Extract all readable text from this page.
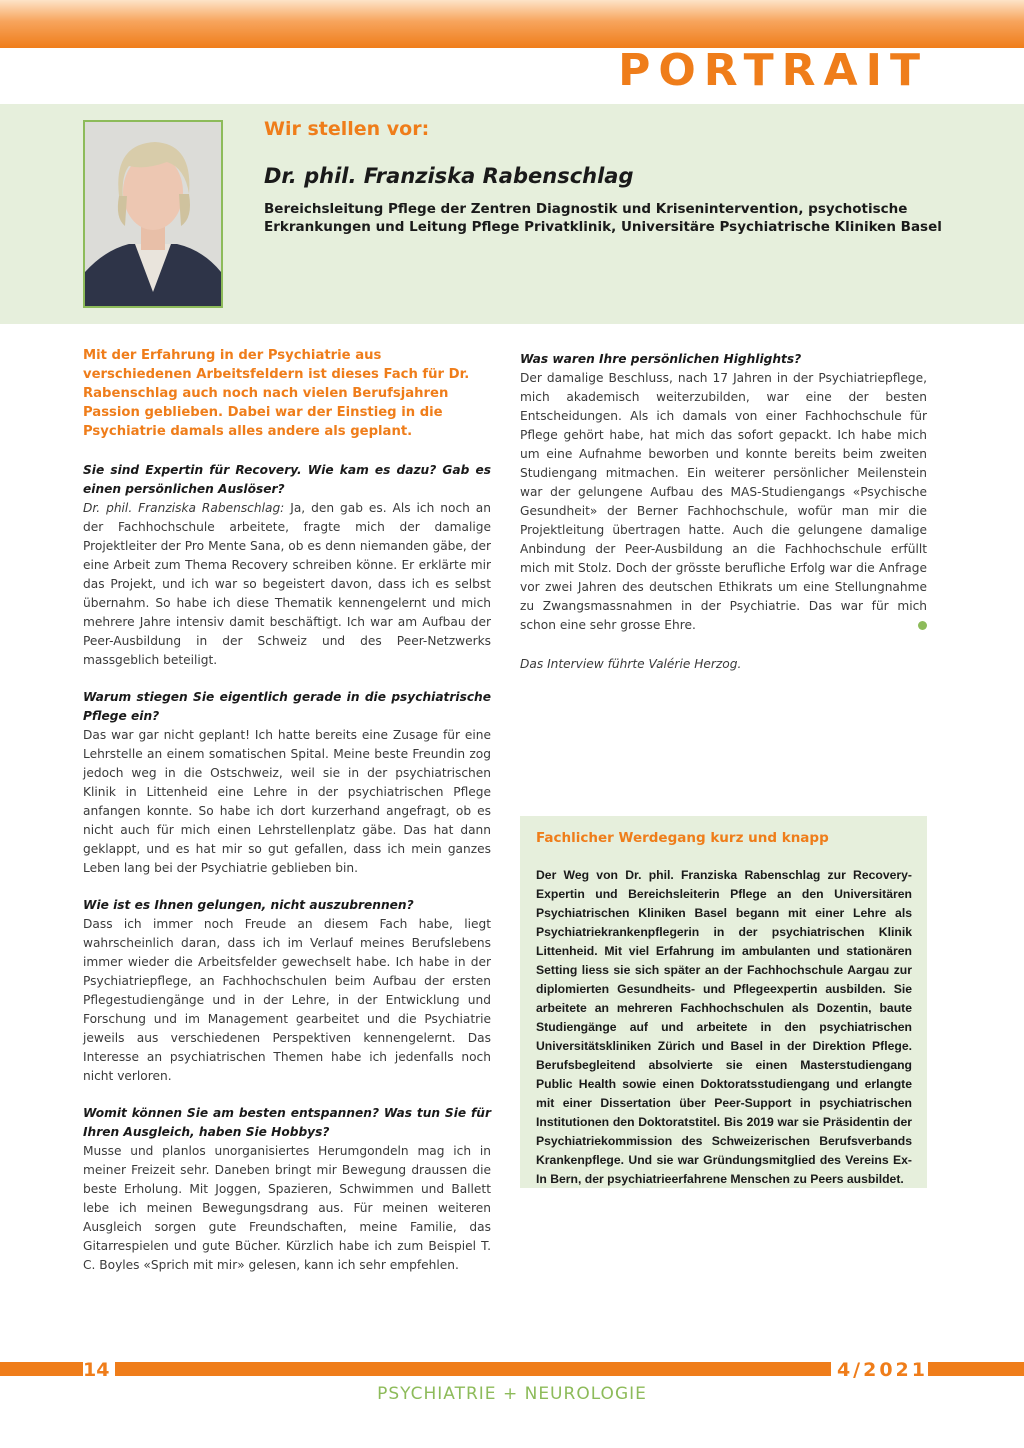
PORTRAIT
Wir stellen vor:
Dr. phil. Franziska Rabenschlag
Bereichsleitung Pflege der Zentren Diagnostik und Krisenintervention, psychotische Erkrankungen und Leitung Pflege Privatklinik, Universitäre Psychiatrische Kliniken Basel

Mit der Erfahrung in der Psychiatrie aus verschiedenen Arbeitsfeldern ist dieses Fach für Dr. Rabenschlag auch noch nach vielen Berufsjahren Passion geblieben. Dabei war der Einstieg in die Psychiatrie damals alles andere als geplant.

Sie sind Expertin für Recovery. Wie kam es dazu? Gab es einen persönlichen Auslöser?

Dr. phil. Franziska Rabenschlag: Ja, den gab es. Als ich noch an der Fachhochschule arbeitete, fragte mich der damalige Projektleiter der Pro Mente Sana, ob es denn niemanden gäbe, der eine Arbeit zum Thema Recovery schreiben könne. Er erklärte mir das Projekt, und ich war so begeistert davon, dass ich es selbst übernahm. So habe ich diese Thematik kennengelernt und mich mehrere Jahre intensiv damit beschäftigt. Ich war am Aufbau der Peer-Ausbildung in der Schweiz und des Peer-Netzwerks massgeblich beteiligt.

Warum stiegen Sie eigentlich gerade in die psychiatrische Pflege ein?

Das war gar nicht geplant! Ich hatte bereits eine Zusage für eine Lehrstelle an einem somatischen Spital. Meine beste Freundin zog jedoch weg in die Ostschweiz, weil sie in der psychiatrischen Klinik in Littenheid eine Lehre in der psychiatrischen Pflege anfangen konnte. So habe ich dort kurzerhand angefragt, ob es nicht auch für mich einen Lehrstellenplatz gäbe. Das hat dann geklappt, und es hat mir so gut gefallen, dass ich mein ganzes Leben lang bei der Psychiatrie geblieben bin.

Wie ist es Ihnen gelungen, nicht auszubrennen?

Dass ich immer noch Freude an diesem Fach habe, liegt wahrscheinlich daran, dass ich im Verlauf meines Berufslebens immer wieder die Arbeitsfelder gewechselt habe. Ich habe in der Psychiatriepflege, an Fachhochschulen beim Aufbau der ersten Pflegestudiengänge und in der Lehre, in der Entwicklung und Forschung und im Management gearbeitet und die Psychiatrie jeweils aus verschiedenen Perspektiven kennengelernt. Das Interesse an psychiatrischen Themen habe ich jedenfalls noch nicht verloren.

Womit können Sie am besten entspannen? Was tun Sie für Ihren Ausgleich, haben Sie Hobbys?

Musse und planlos unorganisiertes Herumgondeln mag ich in meiner Freizeit sehr. Daneben bringt mir Bewegung draussen die beste Erholung. Mit Joggen, Spazieren, Schwimmen und Ballett lebe ich meinen Bewegungsdrang aus. Für meinen weiteren Ausgleich sorgen gute Freundschaften, meine Familie, das Gitarrespielen und gute Bücher. Kürzlich habe ich zum Beispiel T. C. Boyles «Sprich mit mir» gelesen, kann ich sehr empfehlen.

Was waren Ihre persönlichen Highlights?

Der damalige Beschluss, nach 17 Jahren in der Psychiatriepflege, mich akademisch weiterzubilden, war eine der besten Entscheidungen. Als ich damals von einer Fachhochschule für Pflege gehört habe, hat mich das sofort gepackt. Ich habe mich um eine Aufnahme beworben und konnte bereits beim zweiten Studiengang mitmachen. Ein weiterer persönlicher Meilenstein war der gelungene Aufbau des MAS-Studiengangs «Psychische Gesundheit» der Berner Fachhochschule, wofür man mir die Projektleitung übertragen hatte. Auch die gelungene damalige Anbindung der Peer-Ausbildung an die Fachhochschule erfüllt mich mit Stolz. Doch der grösste berufliche Erfolg war die Anfrage vor zwei Jahren des deutschen Ethikrats um eine Stellungnahme zu Zwangsmassnahmen in der Psychiatrie. Das war für mich schon eine sehr grosse Ehre.

Das Interview führte Valérie Herzog.

Fachlicher Werdegang kurz und knapp

Der Weg von Dr. phil. Franziska Rabenschlag zur Recovery-Expertin und Bereichsleiterin Pflege an den Universitären Psychiatrischen Kliniken Basel begann mit einer Lehre als Psychiatriekrankenpflegerin in der psychiatrischen Klinik Littenheid. Mit viel Erfahrung im ambulanten und stationären Setting liess sie sich später an der Fachhochschule Aargau zur diplomierten Gesundheits- und Pflegeexpertin ausbilden. Sie arbeitete an mehreren Fachhochschulen als Dozentin, baute Studiengänge auf und arbeitete in den psychiatrischen Universitätskliniken Zürich und Basel in der Direktion Pflege. Berufsbegleitend absolvierte sie einen Masterstudiengang Public Health sowie einen Doktoratsstudiengang und erlangte mit einer Dissertation über Peer-Support in psychiatrischen Institutionen den Doktoratstitel. Bis 2019 war sie Präsidentin der Psychiatriekommission des Schweizerischen Berufsverbands Krankenpflege. Und sie war Gründungsmitglied des Vereins Ex-In Bern, der psychiatrieerfahrene Menschen zu Peers ausbildet.

14	4/2021
PSYCHIATRIE + NEUROLOGIE
